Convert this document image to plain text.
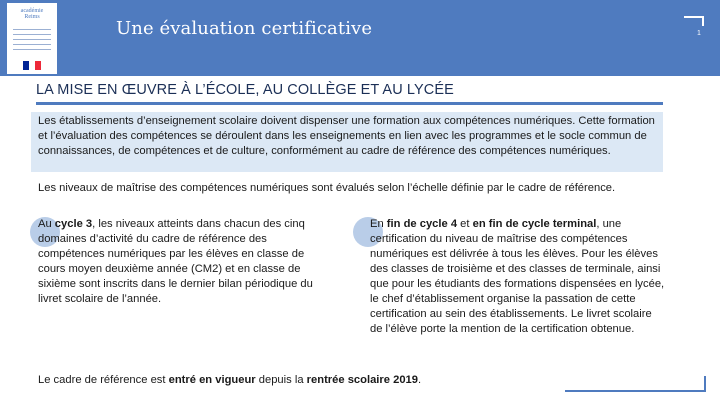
académie
Reims
Une évaluation certificative	1
LA MISE EN ŒUVRE À L’ÉCOLE, AU COLLÈGE ET AU LYCÉE
Les établissements d’enseignement scolaire doivent dispenser une formation aux compétences numériques. Cette formation et l’évaluation des compétences se déroulent dans les enseignements en lien avec les programmes et le socle commun de connaissances, de compétences et de culture, conformément au cadre de référence des compétences numériques.
Les niveaux de maîtrise des compétences numériques sont évalués selon l’échelle définie par le cadre de référence.
Au cycle 3, les niveaux atteints dans chacun des cinq domaines d’activité du cadre de référence des compétences numériques par les élèves en classe de cours moyen deuxième année (CM2) et en classe de sixième sont inscrits dans le dernier bilan périodique du livret scolaire de l’année.
En fin de cycle 4 et en fin de cycle terminal, une certification du niveau de maîtrise des compétences numériques est délivrée à tous les élèves. Pour les élèves des classes de troisième et des classes de terminale, ainsi que pour les étudiants des formations dispensées en lycée, le chef d’établissement organise la passation de cette certification au sein des établissements. Le livret scolaire de l’élève porte la mention de la certification obtenue.
Le cadre de référence est entré en vigueur depuis la rentrée scolaire 2019.
